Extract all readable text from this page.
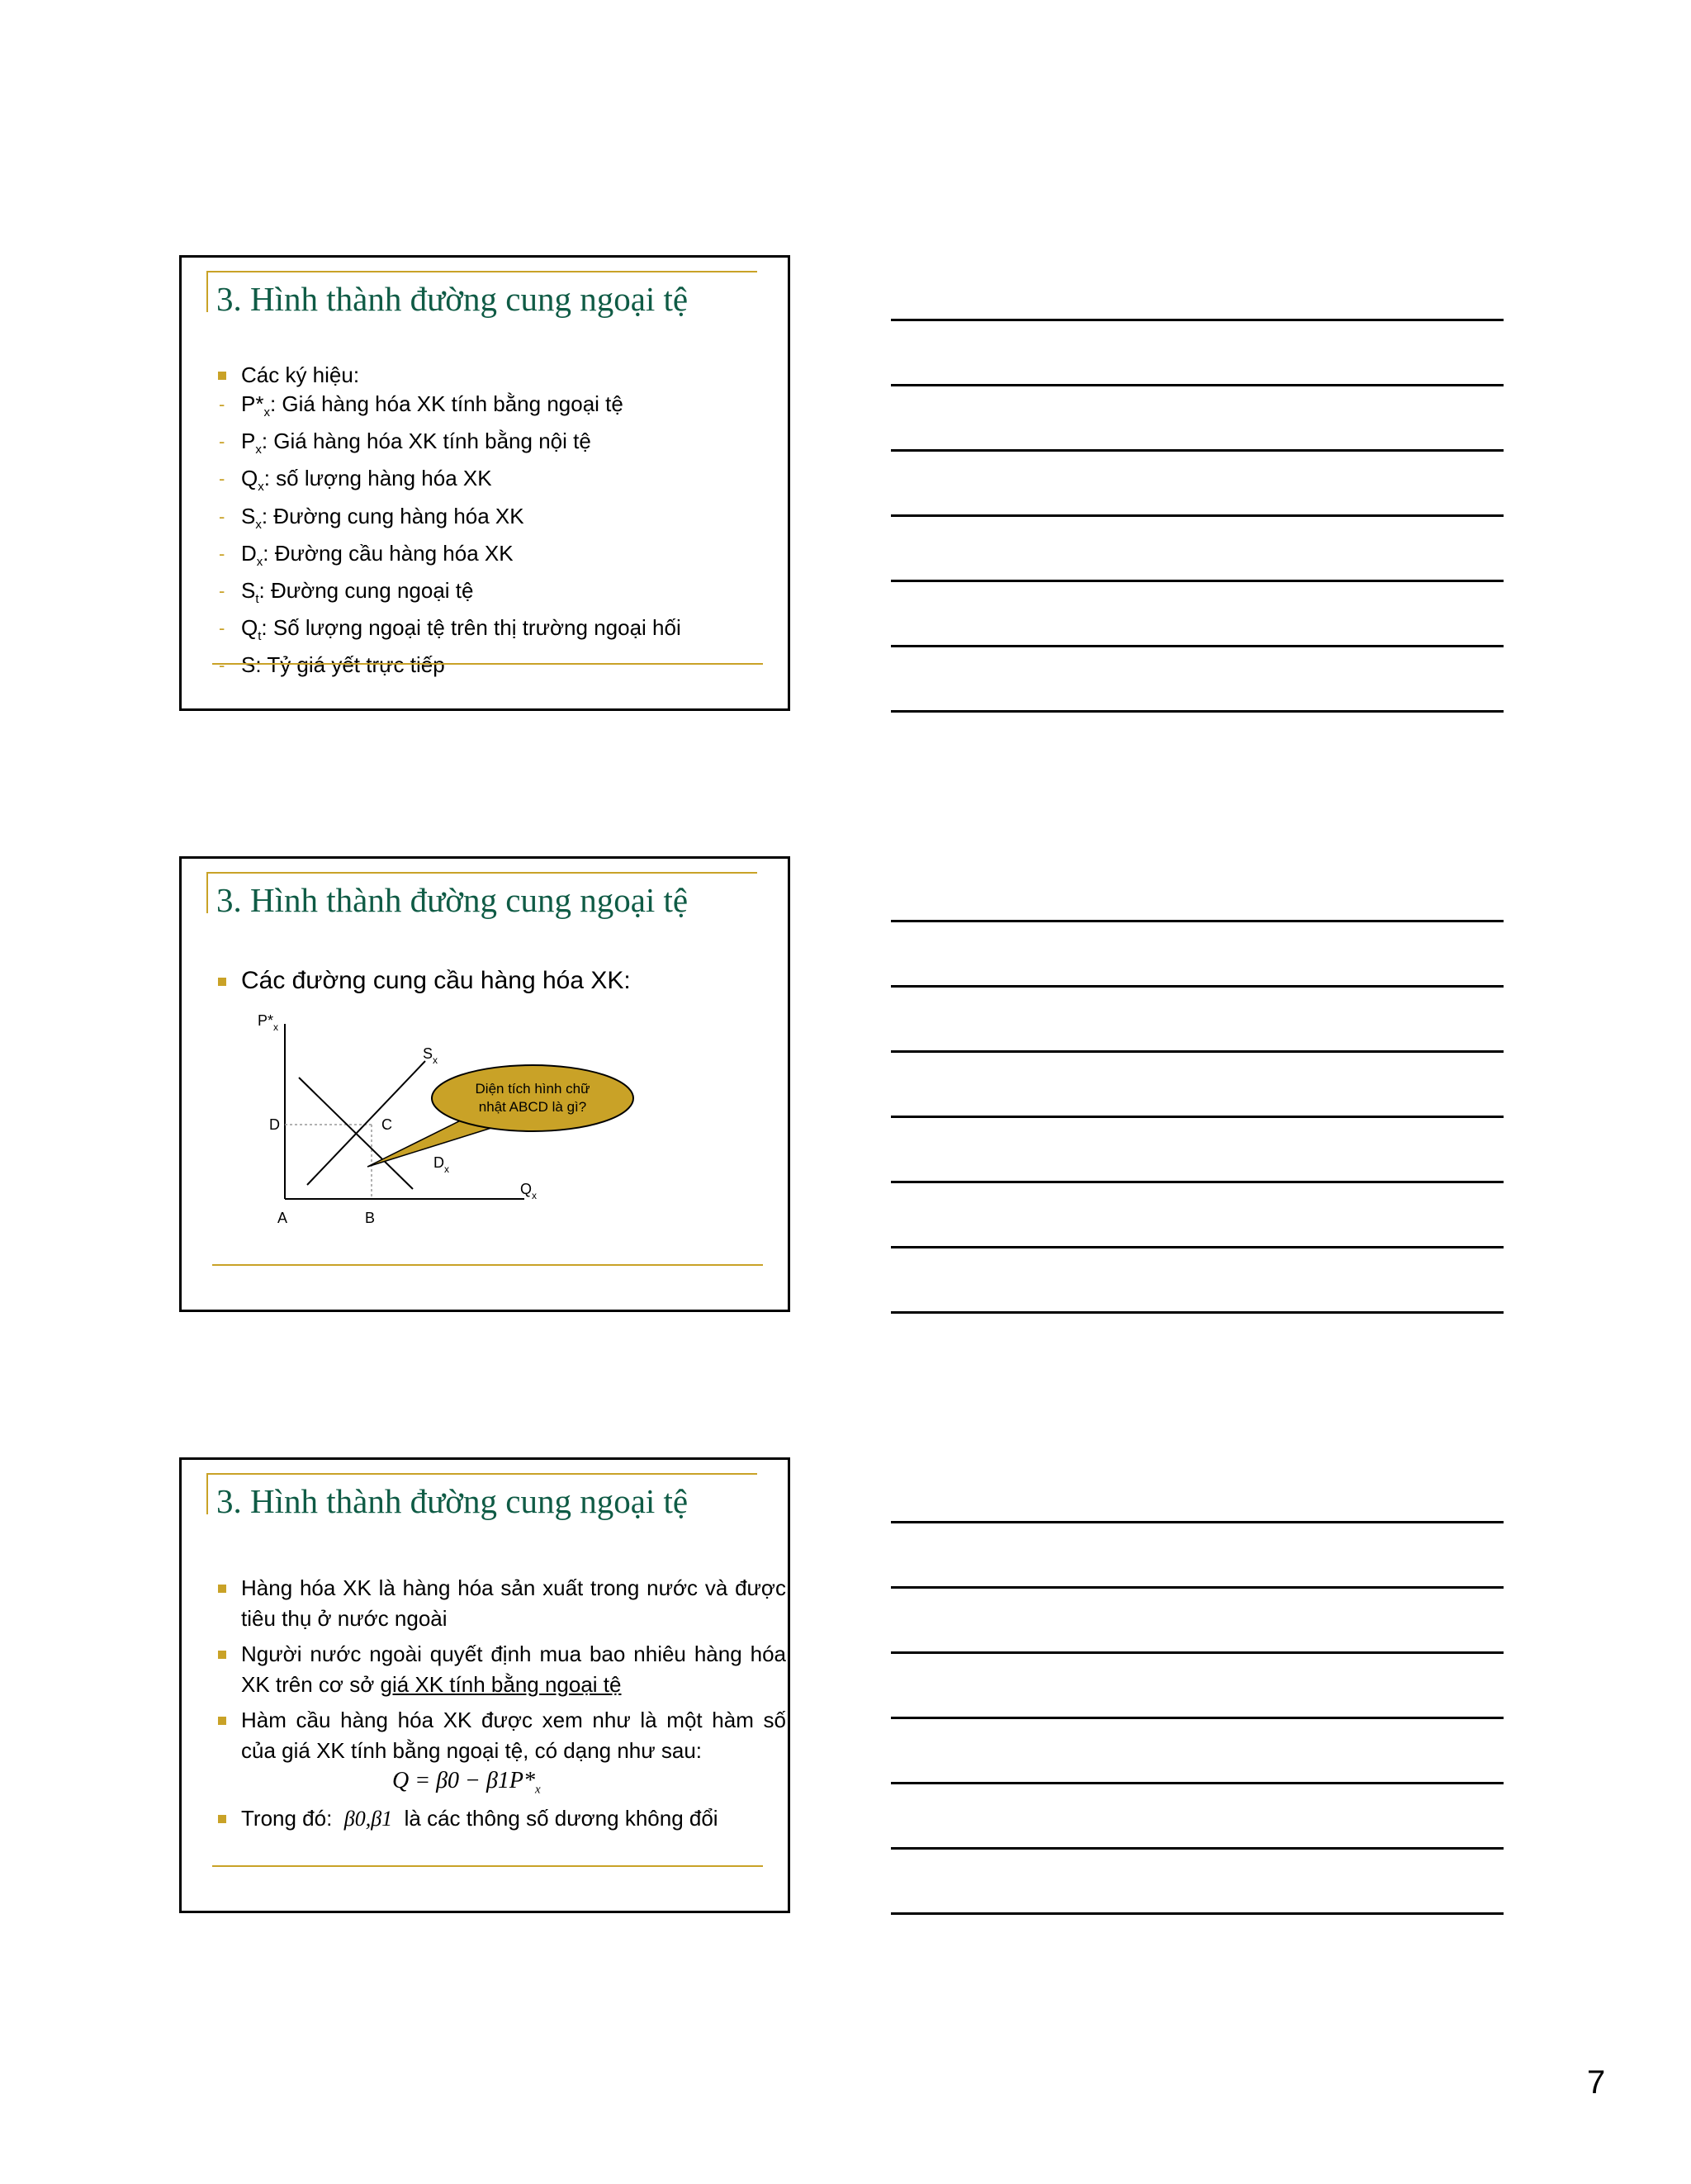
3. Hình thành đường cung ngoại tệ
Các ký hiệu:
- $P*_x$: Giá hàng hóa XK tính bằng ngoại tệ
- $P_x$: Giá hàng hóa XK tính bằng nội tệ
- $Q_x$: số lượng hàng hóa XK
- $S_x$: Đường cung hàng hóa XK
- $D_x$: Đường cầu hàng hóa XK
- $S_t$: Đường cung ngoại tệ
- $Q_t$: Số lượng ngoại tệ trên thị trường ngoại hối
- S: Tỷ giá yết trực tiếp
3. Hình thành đường cung ngoại tệ
Các đường cung cầu hàng hóa XK:
Diện tích hình chữ
nhật ABCD là gì?
$P*_x$
$Q_x$
$S_x$
$D_x$
D	C
A	B
3. Hình thành đường cung ngoại tệ

Hàng hóa XK là hàng hóa sản xuất trong nước và được tiêu thụ ở nước ngoài

Người nước ngoài quyết định mua bao nhiêu hàng hóa XK trên cơ sở giá XK tính bằng ngoại tệ

Hàm cầu hàng hóa XK được xem như là một hàm số của giá XK tính bằng ngoại tệ, có dạng như sau:

$Q = \beta 0 - \beta 1P*_x$

Trong đó: β0,β1 là các thông số dương không đổi

7
